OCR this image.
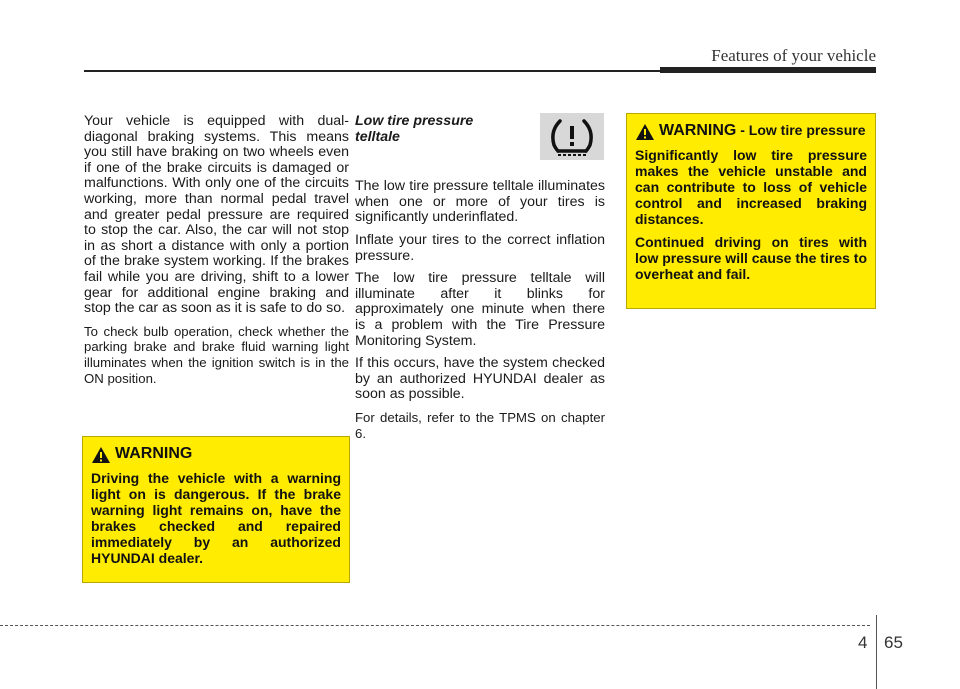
Features of your vehicle

Your vehicle is equipped with dual-diagonal braking systems. This means you still have braking on two wheels even if one of the brake circuits is damaged or malfunctions. With only one of the circuits working, more than normal pedal travel and greater pedal pressure are required to stop the car. Also, the car will not stop in as short a distance with only a portion of the brake system working. If the brakes fail while you are driving, shift to a lower gear for additional engine braking and stop the car as soon as it is safe to do so.

To check bulb operation, check whether the parking brake and brake fluid warning light illuminates when the ignition switch is in the ON position.

WARNING

Driving the vehicle with a warning light on is dangerous. If the brake warning light remains on, have the brakes checked and repaired immediately by an authorized HYUNDAI dealer.

Low tire pressure telltale

The low tire pressure telltale illuminates when one or more of your tires is significantly underinflated.

Inflate your tires to the correct inflation pressure.

The low tire pressure telltale will illuminate after it blinks for approximately one minute when there is a problem with the Tire Pressure Monitoring System.

If this occurs, have the system checked by an authorized HYUNDAI dealer as soon as possible.

For details, refer to the TPMS on chapter 6.

WARNING - Low tire pressure

Significantly low tire pressure makes the vehicle unstable and can contribute to loss of vehicle control and increased braking distances.

Continued driving on tires with low pressure will cause the tires to overheat and fail.

4 65
